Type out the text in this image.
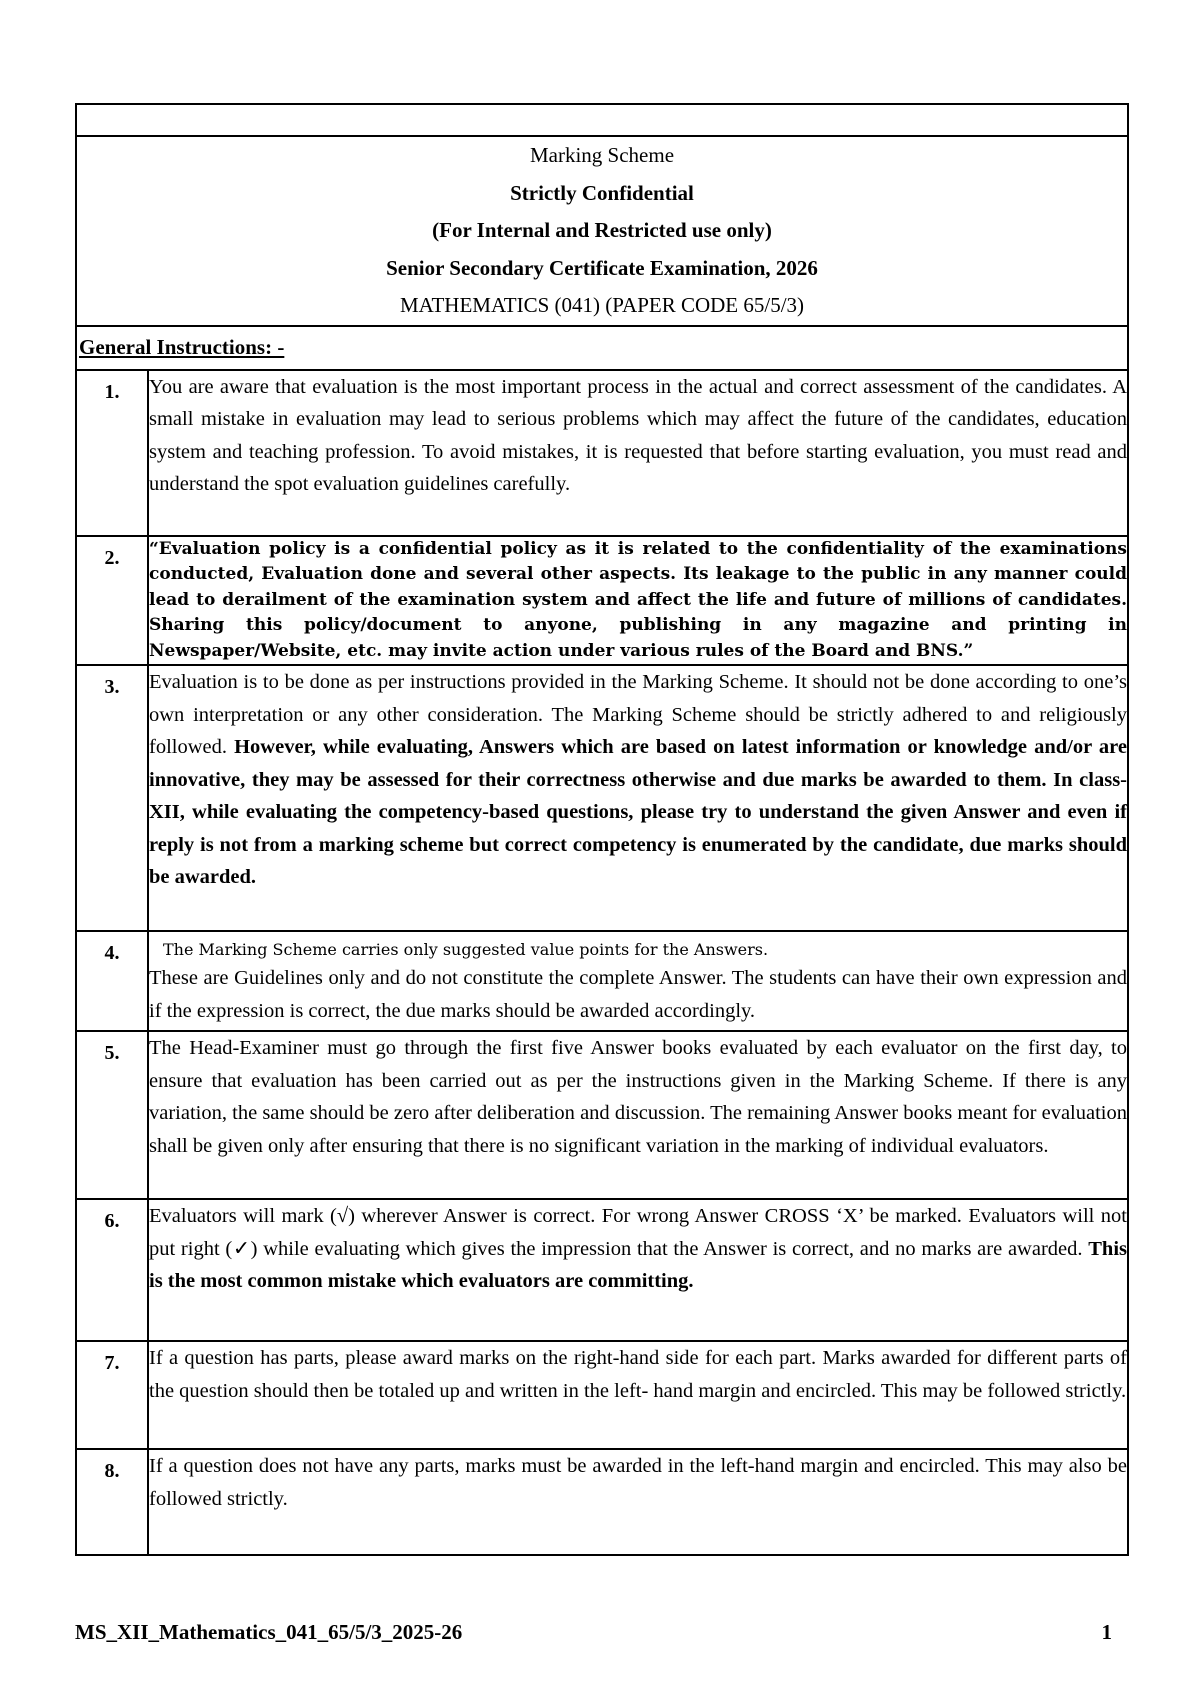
Marking Scheme
Strictly Confidential
(For Internal and Restricted use only)
Senior Secondary Certificate Examination, 2026
MATHEMATICS (041) (PAPER CODE 65/5/3)	

General Instructions: -	

1.	You are aware that evaluation is the most important process in the actual and correct assessment of the candidates. A small mistake in evaluation may lead to serious problems which may affect the future of the candidates, education system and teaching profession. To avoid mistakes, it is requested that before starting evaluation, you must read and understand the spot evaluation guidelines carefully.
2.	“Evaluation policy is a confidential policy as it is related to the confidentiality of the examinations conducted, Evaluation done and several other aspects. Its leakage to the public in any manner could lead to derailment of the examination system and affect the life and future of millions of candidates. Sharing this policy/document to anyone, publishing in any magazine and printing in Newspaper/Website, etc. may invite action under various rules of the Board and BNS.”
3.	Evaluation is to be done as per instructions provided in the Marking Scheme. It should not be done according to one’s own interpretation or any other consideration. The Marking Scheme should be strictly adhered to and religiously followed. However, while evaluating, Answers which are based on latest information or knowledge and/or are innovative, they may be assessed for their correctness otherwise and due marks be awarded to them. In class-XII, while evaluating the competency-based questions, please try to understand the given Answer and even if reply is not from a marking scheme but correct competency is enumerated by the candidate, due marks should be awarded.
4.	The Marking Scheme carries only suggested value points for the Answers.
These are Guidelines only and do not constitute the complete Answer. The students can have their own expression and if the expression is correct, the due marks should be awarded accordingly.
5.	The Head-Examiner must go through the first five Answer books evaluated by each evaluator on the first day, to ensure that evaluation has been carried out as per the instructions given in the Marking Scheme. If there is any variation, the same should be zero after deliberation and discussion. The remaining Answer books meant for evaluation shall be given only after ensuring that there is no significant variation in the marking of individual evaluators.
6.	Evaluators will mark (√) wherever Answer is correct. For wrong Answer CROSS ‘X’ be marked. Evaluators will not put right (✓) while evaluating which gives the impression that the Answer is correct, and no marks are awarded. This is the most common mistake which evaluators are committing.
7.	If a question has parts, please award marks on the right-hand side for each part. Marks awarded for different parts of the question should then be totaled up and written in the left- hand margin and encircled. This may be followed strictly.
8.	If a question does not have any parts, marks must be awarded in the left-hand margin and encircled. This may also be followed strictly.
MS_XII_Mathematics_041_65/5/3_2025-26	1
